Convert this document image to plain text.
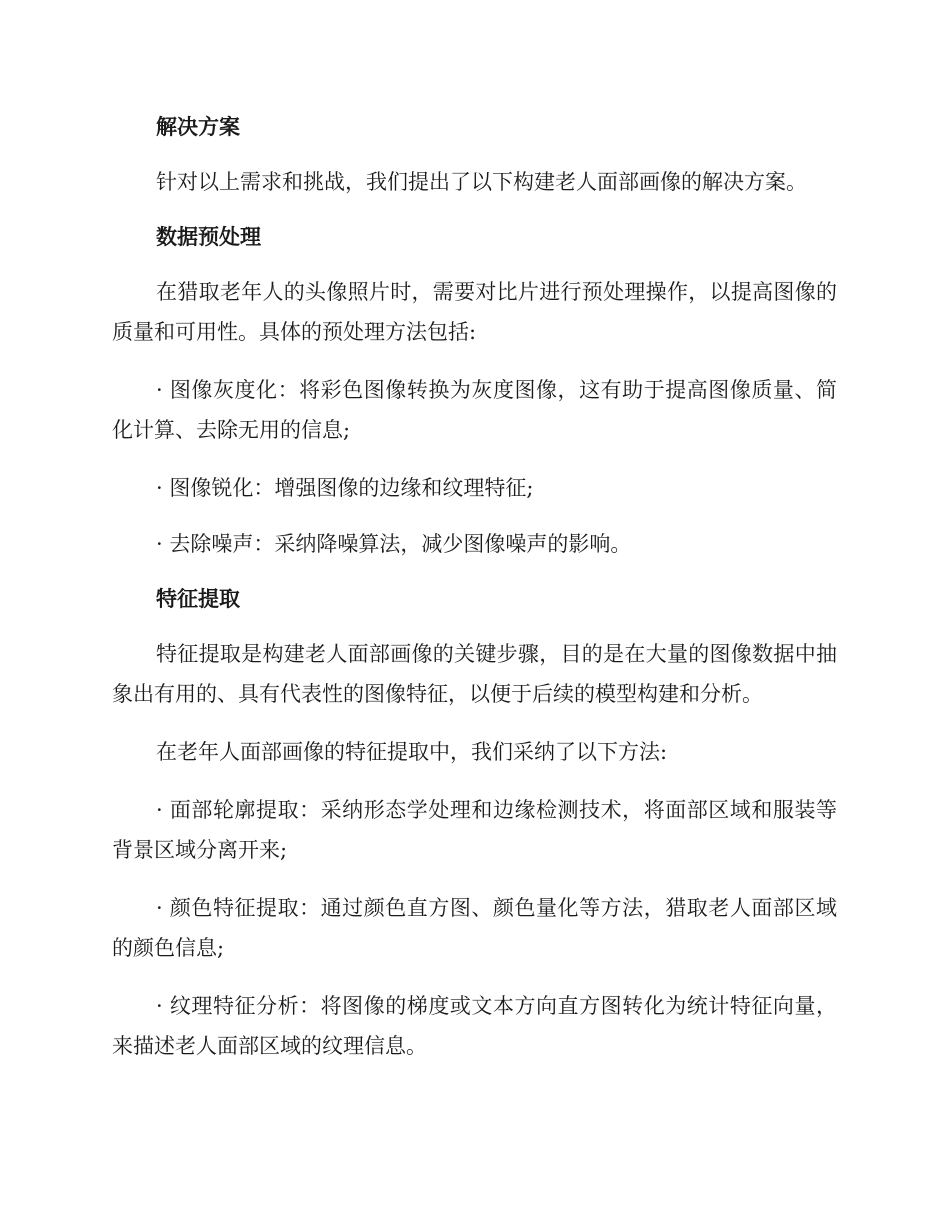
解决方案

针对以上需求和挑战，我们提出了以下构建老人面部画像的解决方案。

数据预处理

在猎取老年人的头像照片时，需要对比片进行预处理操作，以提高图像的质量和可用性。具体的预处理方法包括:

· 图像灰度化：将彩色图像转换为灰度图像，这有助于提高图像质量、简化计算、去除无用的信息;

· 图像锐化：增强图像的边缘和纹理特征;

· 去除噪声：采纳降噪算法，减少图像噪声的影响。

特征提取

特征提取是构建老人面部画像的关键步骤，目的是在大量的图像数据中抽象出有用的、具有代表性的图像特征，以便于后续的模型构建和分析。

在老年人面部画像的特征提取中，我们采纳了以下方法:

· 面部轮廓提取：采纳形态学处理和边缘检测技术，将面部区域和服装等背景区域分离开来;

· 颜色特征提取：通过颜色直方图、颜色量化等方法，猎取老人面部区域的颜色信息;

· 纹理特征分析：将图像的梯度或文本方向直方图转化为统计特征向量，来描述老人面部区域的纹理信息。
